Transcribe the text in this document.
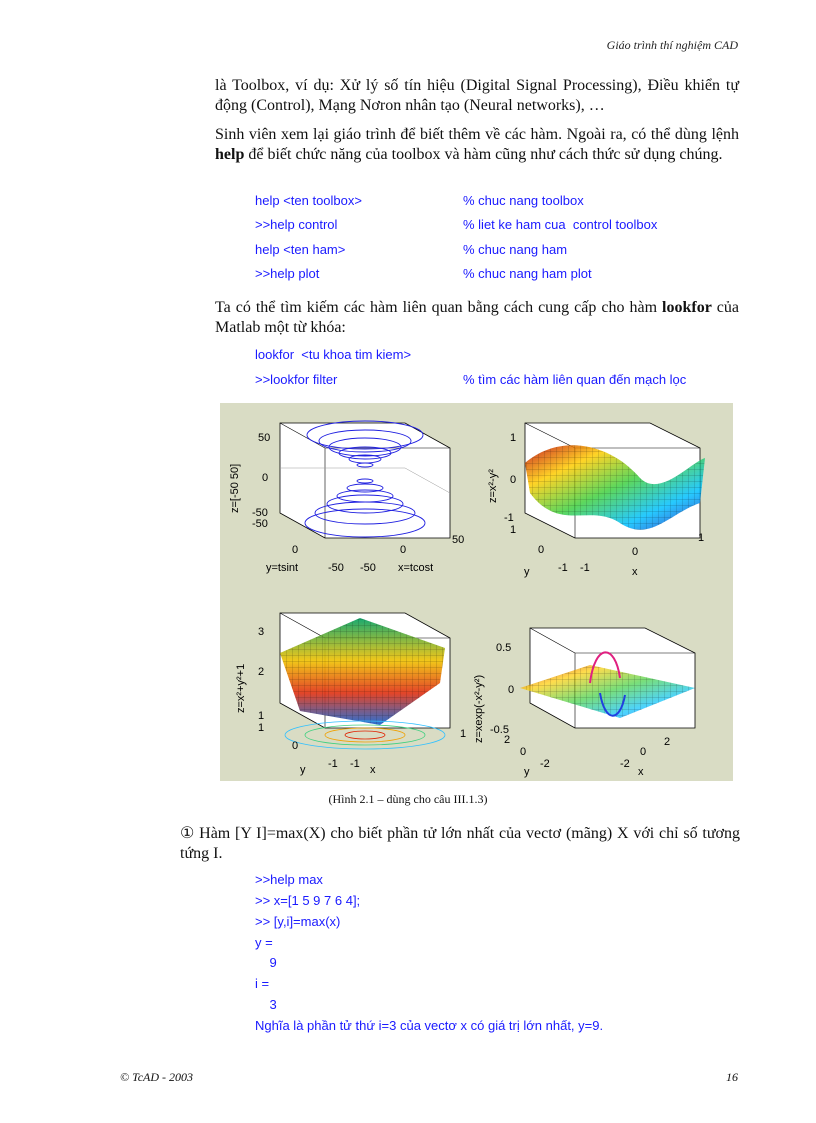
Giáo trình thí nghiệm CAD
là Toolbox, ví dụ: Xử lý số tín hiệu (Digital Signal Processing), Điều khiển tự động (Control), Mạng Nơron nhân tạo (Neural networks), …
Sinh viên xem lại giáo trình để biết thêm về các hàm. Ngoài ra, có thể dùng lệnh help để biết chức năng của toolbox và hàm cũng như cách thức sử dụng chúng.
help <ten toolbox>	% chuc nang toolbox
>>help control	% liet ke ham cua  control toolbox
help <ten ham>	% chuc nang ham
>>help plot	% chuc nang ham plot
Ta có thể tìm kiếm các hàm liên quan bằng cách cung cấp cho hàm lookfor của Matlab một từ khóa:
lookfor  <tu khoa tim kiem>
>>lookfor filter	% tìm các hàm liên quan đến mạch lọc
50
0
-50
-50
z=[-50 50]
0
-50
y=tsint	-50
0
50
x=tcost
1
0
-1
z=x²-y²
1
0
-1
y	-1
0
1
x
3
2
1
z=x²+y²+1
1
0
-1
y	-1
1
x
0.5
0
-0.5
z=xexp(-x²-y²) 2
0
-2
y
-2
0
2
x
(Hình 2.1 – dùng cho câu III.1.3)
① Hàm [Y I]=max(X) cho biết phần tử lớn nhất của vectơ (mãng) X với chỉ số tương tứng I.
>>help max
>> x=[1 5 9 7 6 4];
>> [y,i]=max(x)
y =
9
i =
3
Nghĩa là phần tử thứ i=3 của vectơ x có giá trị lớn nhất, y=9.
© TcAD - 2003	16
